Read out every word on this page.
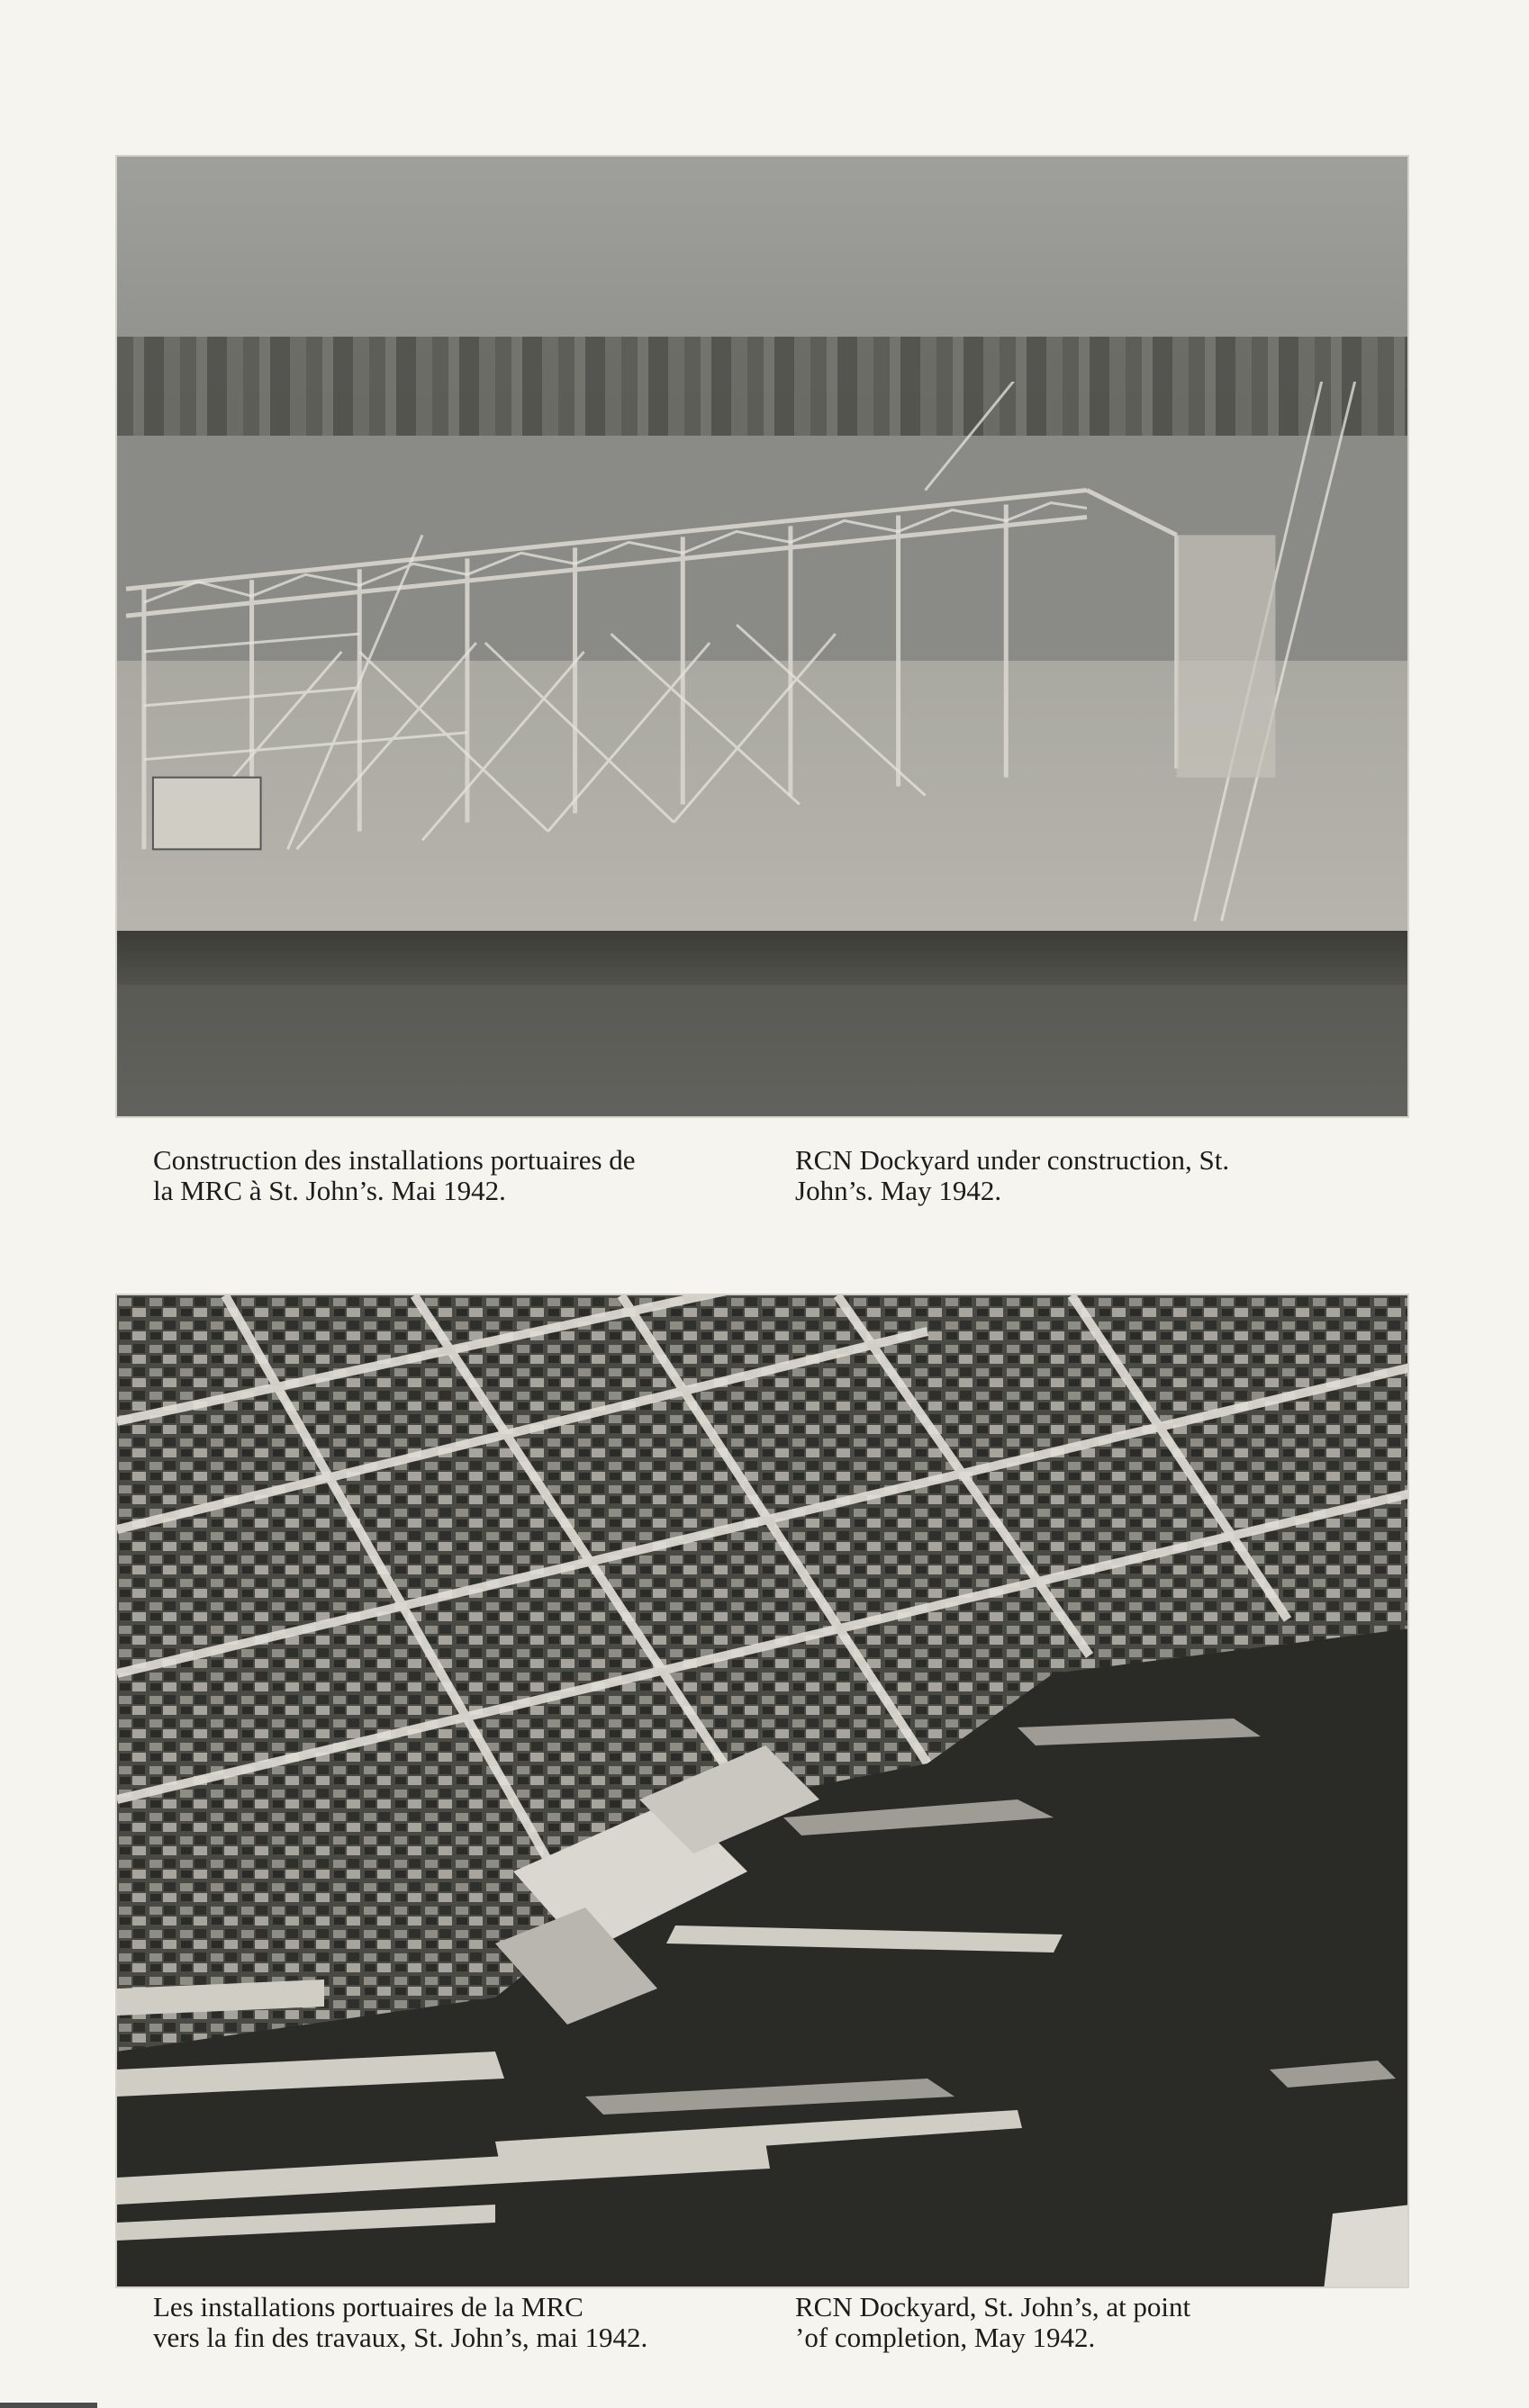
Construction des installations portuaires de
la MRC à St. John’s. Mai 1942.
RCN Dockyard under construction, St.
John’s. May 1942.
Les installations portuaires de la MRC
vers la fin des travaux, St. John’s, mai 1942.
RCN Dockyard, St. John’s, at point
’of completion, May 1942.
